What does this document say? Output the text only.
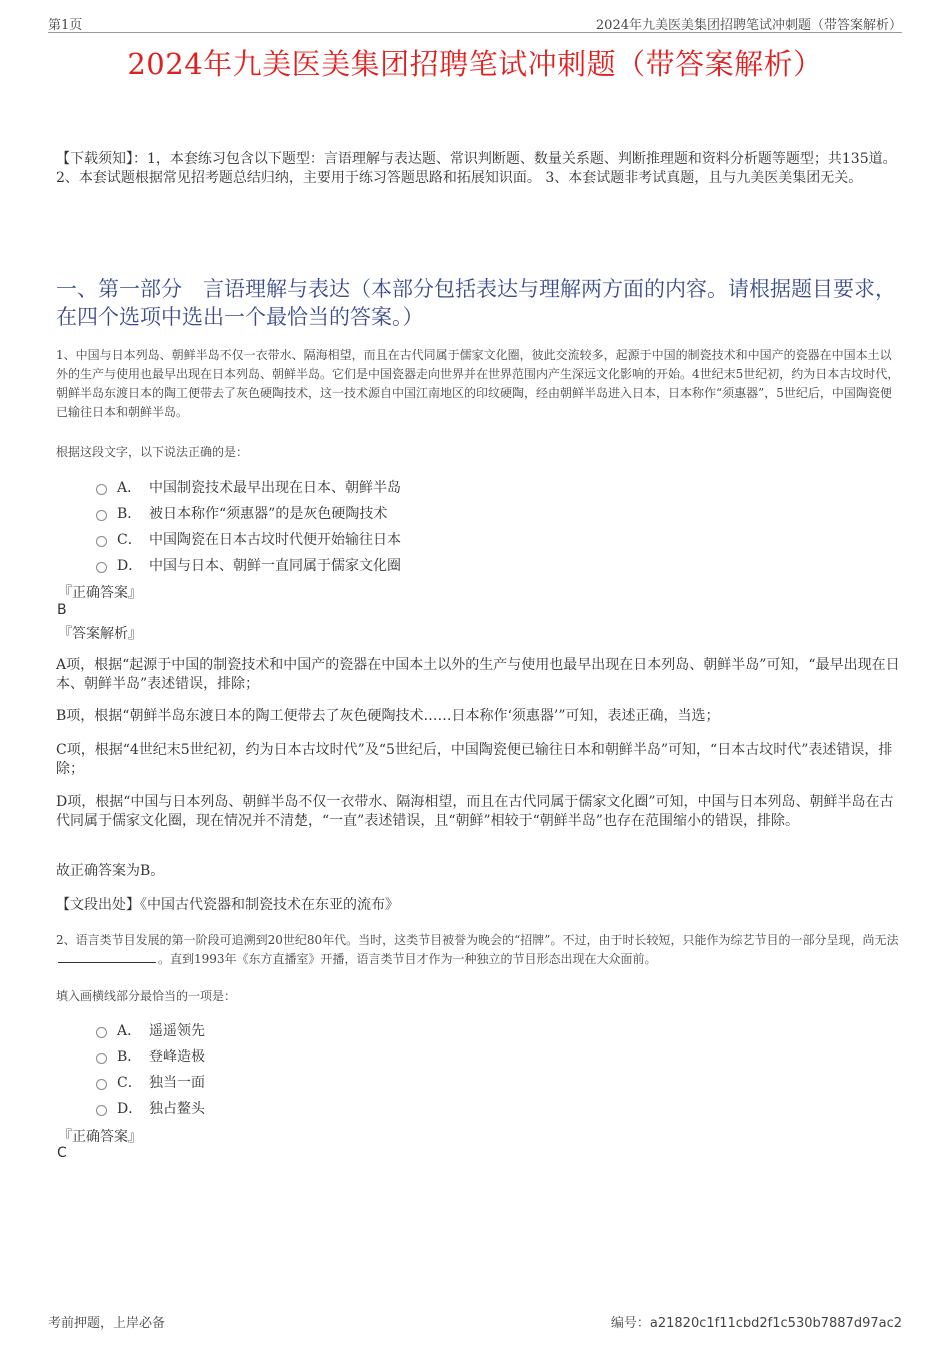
第1页	2024年九美医美集团招聘笔试冲刺题（带答案解析）
2024年九美医美集团招聘笔试冲刺题（带答案解析）
【下载须知】：1，本套练习包含以下题型：言语理解与表达题、常识判断题、数量关系题、判断推理题和资料分析题等题型；共135道。 2、本套试题根据常见招考题总结归纳，主要用于练习答题思路和拓展知识面。 3、本套试题非考试真题，且与九美医美集团无关。
一、第一部分　言语理解与表达（本部分包括表达与理解两方面的内容。请根据题目要求，在四个选项中选出一个最恰当的答案。）
1、中国与日本列岛、朝鲜半岛不仅一衣带水、隔海相望，而且在古代同属于儒家文化圈，彼此交流较多，起源于中国的制瓷技术和中国产的瓷器在中国本土以外的生产与使用也最早出现在日本列岛、朝鲜半岛。它们是中国瓷器走向世界并在世界范围内产生深远文化影响的开始。4世纪末5世纪初，约为日本古坟时代，朝鲜半岛东渡日本的陶工便带去了灰色硬陶技术，这一技术源自中国江南地区的印纹硬陶，经由朝鲜半岛进入日本，日本称作“须惠器”，5世纪后，中国陶瓷便已输往日本和朝鲜半岛。
根据这段文字，以下说法正确的是：
A． 中国制瓷技术最早出现在日本、朝鲜半岛
B． 被日本称作“须惠器”的是灰色硬陶技术
C． 中国陶瓷在日本古坟时代便开始输往日本
D． 中国与日本、朝鲜一直同属于儒家文化圈
『正确答案』
B
『答案解析』
A项，根据“起源于中国的制瓷技术和中国产的瓷器在中国本土以外的生产与使用也最早出现在日本列岛、朝鲜半岛”可知，“最早出现在日本、朝鲜半岛”表述错误，排除；
B项，根据“朝鲜半岛东渡日本的陶工便带去了灰色硬陶技术……日本称作‘须惠器’”可知，表述正确，当选；
C项，根据“4世纪末5世纪初，约为日本古坟时代”及“5世纪后，中国陶瓷便已输往日本和朝鲜半岛”可知，“日本古坟时代”表述错误，排除；
D项，根据“中国与日本列岛、朝鲜半岛不仅一衣带水、隔海相望，而且在古代同属于儒家文化圈”可知，中国与日本列岛、朝鲜半岛在古代同属于儒家文化圈，现在情况并不清楚，“一直”表述错误，且“朝鲜”相较于“朝鲜半岛”也存在范围缩小的错误，排除。
故正确答案为B。
【文段出处】《中国古代瓷器和制瓷技术在东亚的流布》
2、语言类节目发展的第一阶段可追溯到20世纪80年代。当时，这类节目被誉为晚会的“招牌”。不过，由于时长较短，只能作为综艺节目的一部分呈现，尚无法。直到1993年《东方直播室》开播，语言类节目才作为一种独立的节目形态出现在大众面前。
填入画横线部分最恰当的一项是：
A． 遥遥领先
B． 登峰造极
C． 独当一面
D． 独占鳌头
『正确答案』
C
考前押题，上岸必备	编号：a21820c1f11cbd2f1c530b7887d97ac2
